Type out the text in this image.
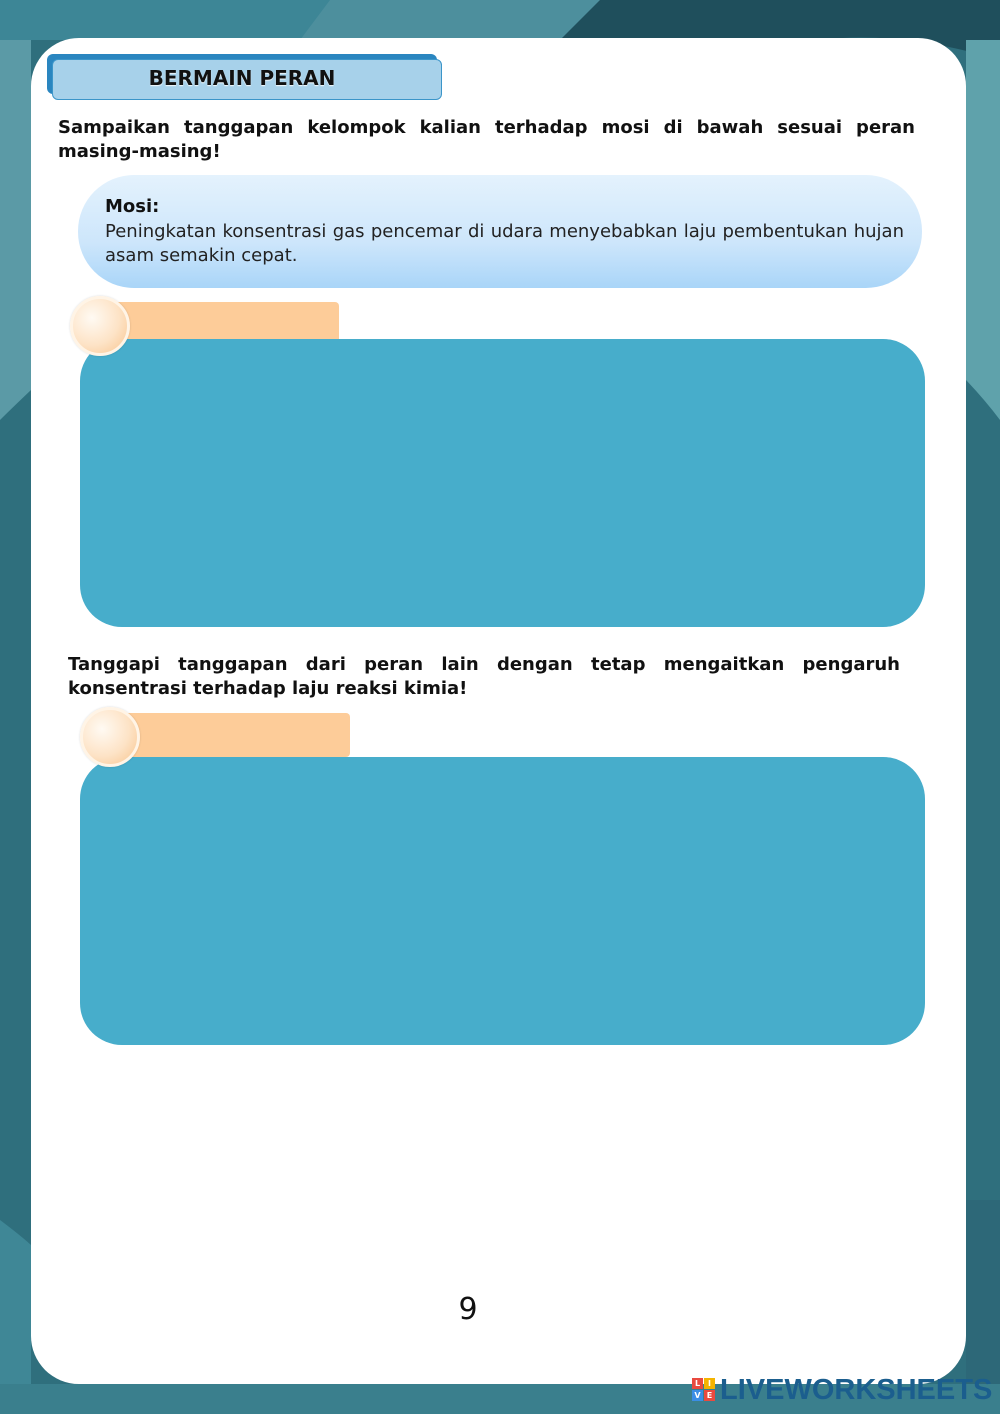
BERMAIN PERAN
Sampaikan tanggapan kelompok kalian terhadap mosi di bawah sesuai peran masing-masing!
Mosi:
Peningkatan konsentrasi gas pencemar di udara menyebabkan laju pembentukan hujan asam semakin cepat.
Tanggapi tanggapan dari peran lain dengan tetap mengaitkan pengaruh konsentrasi terhadap laju reaksi kimia!
9
L I
V E LIVEWORKSHEETS
